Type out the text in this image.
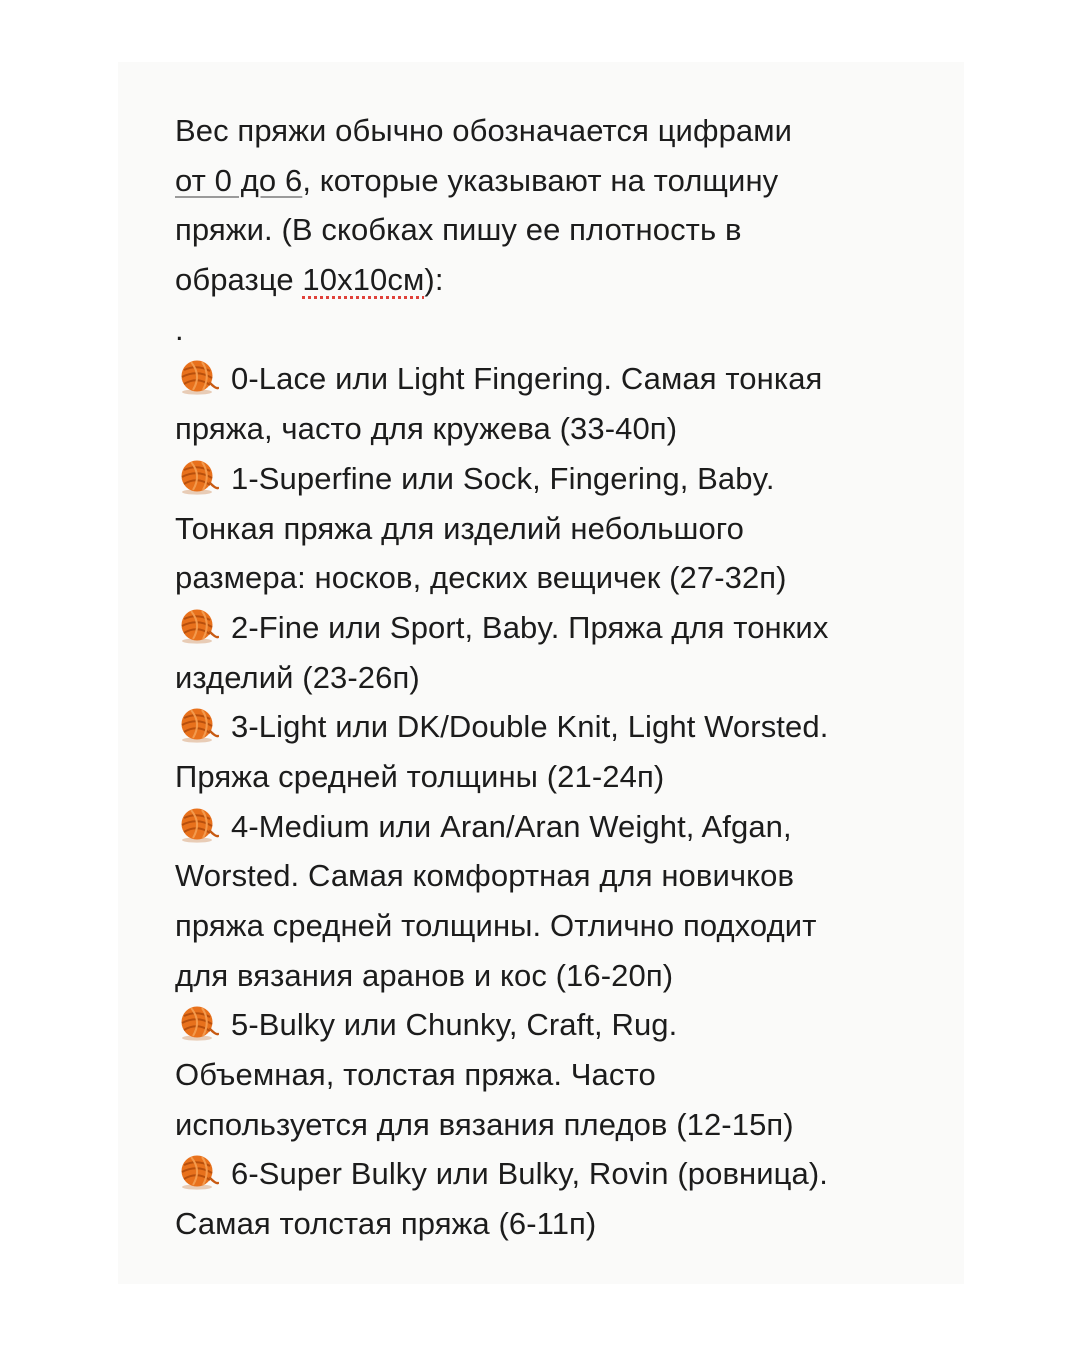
Вес пряжи обычно обозначается цифрами
от 0 до 6, которые указывают на толщину
пряжи. (В скобках пишу ее плотность в
образце 10х10см):
.
0-Lace или Light Fingering. Самая тонкая
пряжа, часто для кружева (33-40п)
1-Superfine или Sock, Fingering, Baby.
Тонкая пряжа для изделий небольшого
размера: носков, деских вещичек (27-32п)
2-Fine или Sport, Baby. Пряжа для тонких
изделий (23-26п)
3-Light или DK/Double Knit, Light Worsted.
Пряжа средней толщины (21-24п)
4-Medium или Aran/Aran Weight, Afgan,
Worsted. Самая комфортная для новичков
пряжа средней толщины. Отлично подходит
для вязания аранов и кос (16-20п)
5-Bulky или Chunky, Craft, Rug.
Объемная, толстая пряжа. Часто
используется для вязания пледов (12-15п)
6-Super Bulky или Bulky, Rovin (ровница).
Самая толстая пряжа (6-11п)
